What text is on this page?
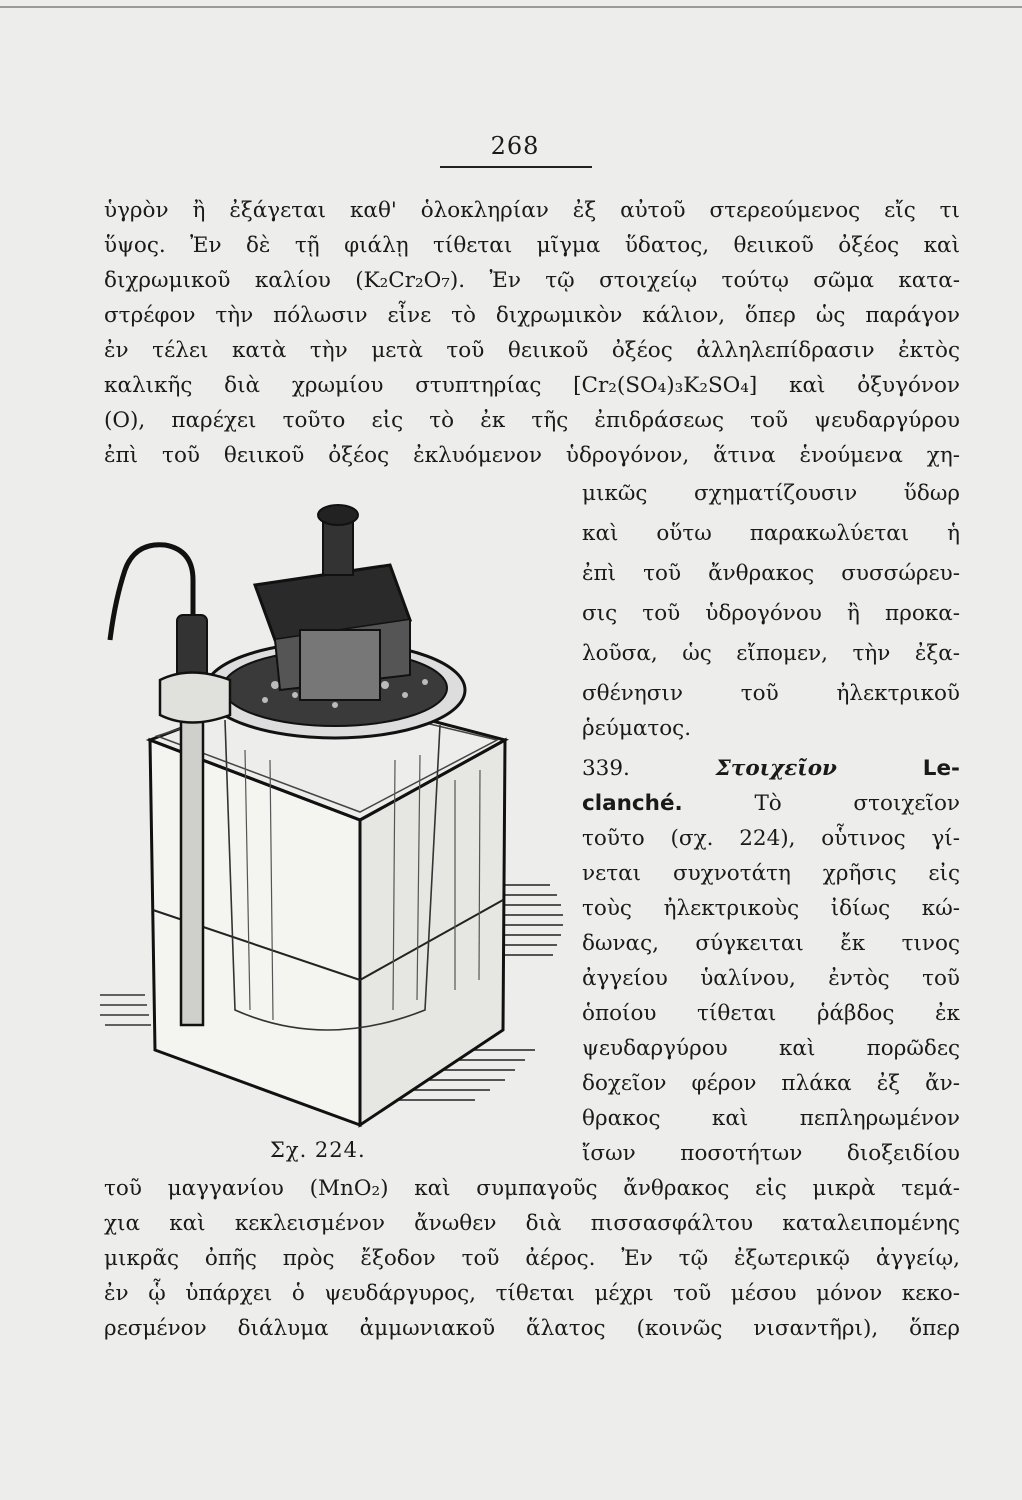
268
ὑγρὸν ἢ ἐξάγεται καθ' ὁλοκληρίαν ἐξ αὐτοῦ στερεούμενος εἴς τι
ὕψος. Ἐν δὲ τῇ φιάλῃ τίθεται μῖγμα ὕδατος, θειικοῦ ὀξέος καὶ
διχρωμικοῦ καλίου (K₂Cr₂O₇). Ἐν τῷ στοιχείῳ τούτῳ σῶμα κατα-
στρέφον τὴν πόλωσιν εἶνε τὸ διχρωμικὸν κάλιον, ὅπερ ὡς παράγον
ἐν τέλει κατὰ τὴν μετὰ τοῦ θειικοῦ ὀξέος ἀλληλεπίδρασιν ἐκτὸς
καλικῆς διὰ χρωμίου στυπτηρίας [Cr₂(SO₄)₃K₂SO₄] καὶ ὀξυγόνον
(O), παρέχει τοῦτο εἰς τὸ ἐκ τῆς ἐπιδράσεως τοῦ ψευδαργύρου
ἐπὶ τοῦ θειικοῦ ὀξέος ἐκλυόμενον ὑδρογόνον, ἅτινα ἑνούμενα χη-
μικῶς σχηματίζουσιν ὕδωρ
καὶ οὕτω παρακωλύεται ἡ
ἐπὶ τοῦ ἄνθρακος συσσώρευ-
σις τοῦ ὑδρογόνου ἢ προκα-
λοῦσα, ὡς εἴπομεν, τὴν ἐξα-
σθένησιν τοῦ ἠλεκτρικοῦ
ῥεύματος.
339.	Στοιχεῖον	Le-
clanché.	Τὸ στοιχεῖον
τοῦτο (σχ. 224), οὗτινος γί-
νεται συχνοτάτη χρῆσις εἰς
τοὺς ἠλεκτρικοὺς ἰδίως κώ-
δωνας, σύγκειται ἔκ τινος
ἀγγείου ὑαλίνου, ἐντὸς τοῦ
ὁποίου τίθεται ῥάβδος ἐκ
ψευδαργύρου καὶ πορῶδες
δοχεῖον φέρον πλάκα ἐξ ἄν-
θρακος καὶ πεπληρωμένον
ἴσων ποσοτήτων διοξειδίου
τοῦ μαγγανίου (MnO₂) καὶ συμπαγοῦς ἄνθρακος εἰς μικρὰ τεμά-
χια καὶ κεκλεισμένον ἄνωθεν διὰ πισσασφάλτου καταλειπομένης
μικρᾶς ὀπῆς πρὸς ἔξοδον τοῦ ἀέρος. Ἐν τῷ ἐξωτερικῷ ἀγγείῳ,
ἐν ᾧ ὑπάρχει ὁ ψευδάργυρος, τίθεται μέχρι τοῦ μέσου μόνον κεκο-
ρεσμένον διάλυμα ἀμμωνιακοῦ ἅλατος (κοινῶς νισαντῆρι), ὅπερ
Σχ. 224.
